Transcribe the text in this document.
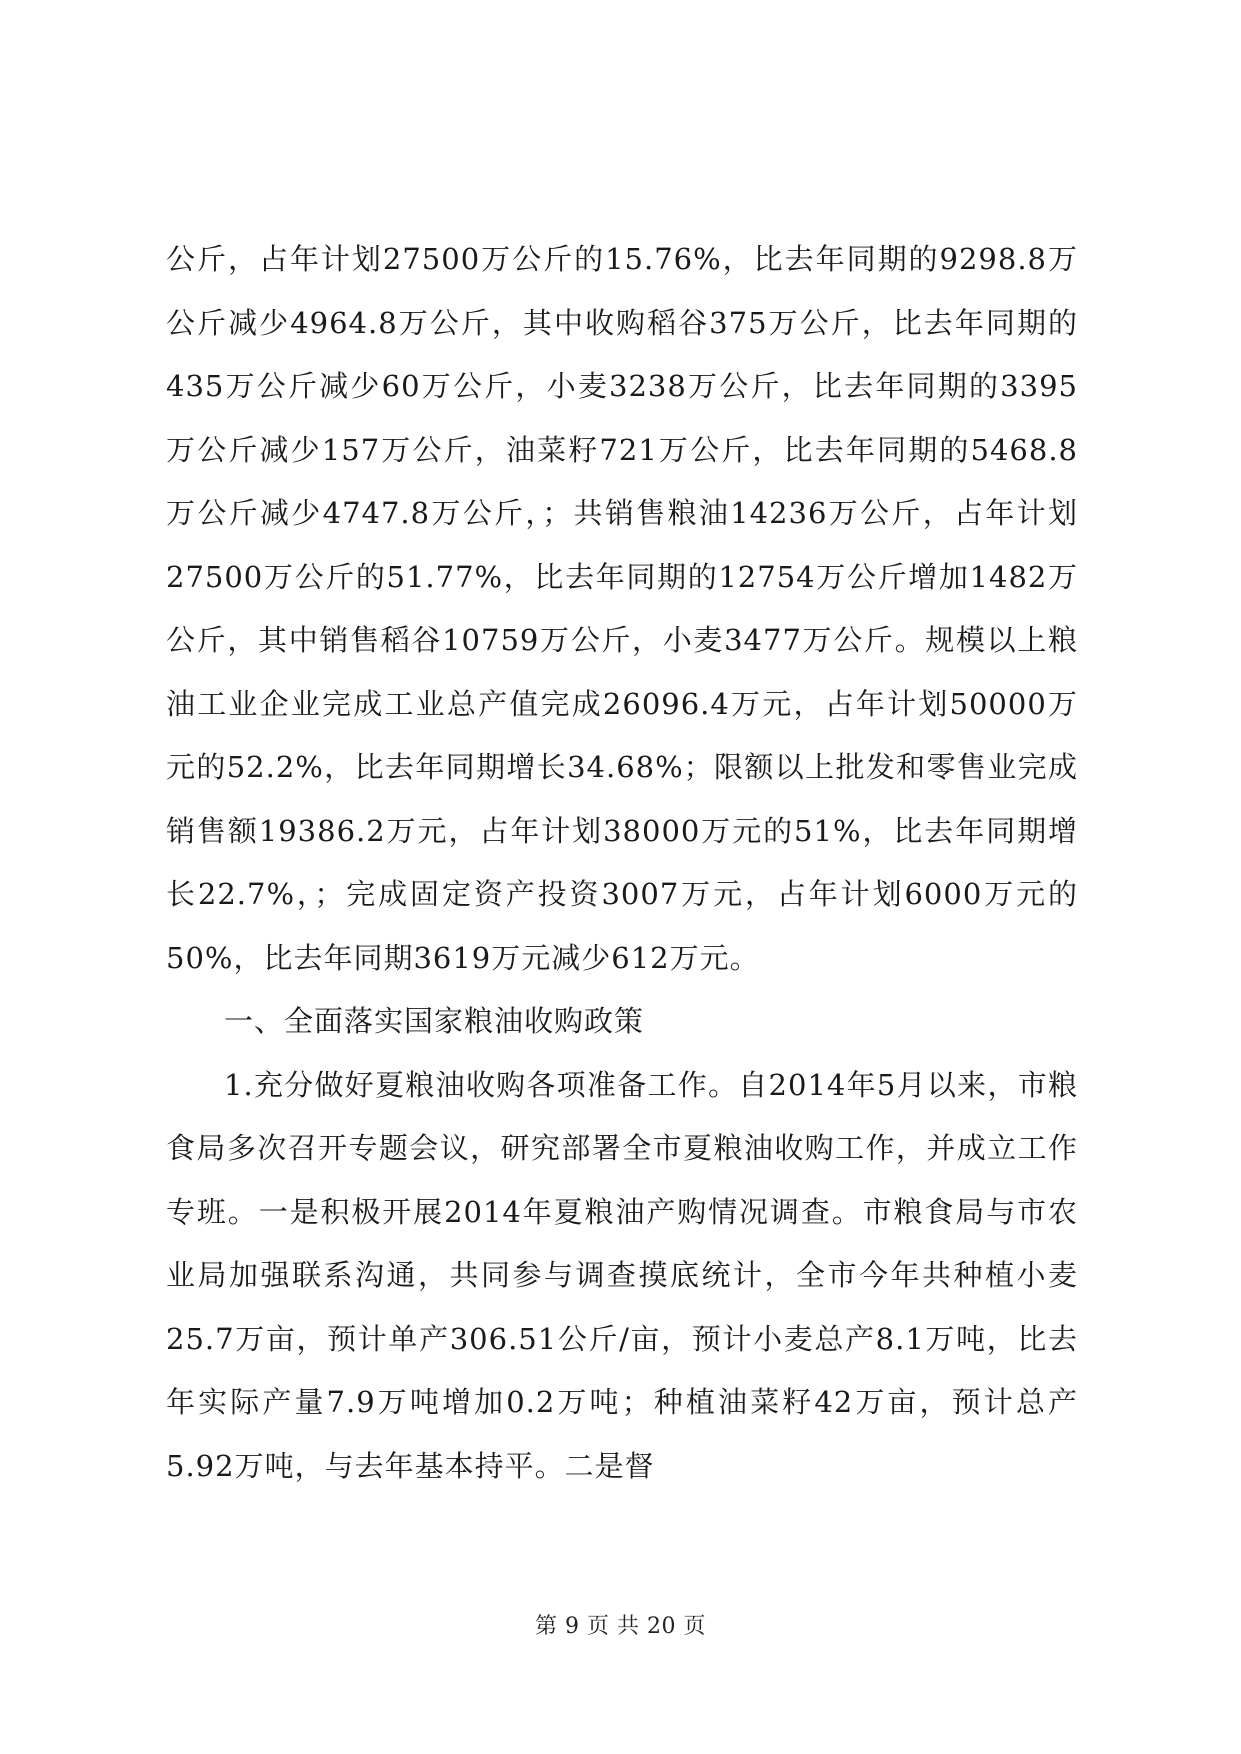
公斤，占年计划27500万公斤的15.76%，比去年同期的9298.8万公斤减少4964.8万公斤，其中收购稻谷375万公斤，比去年同期的435万公斤减少60万公斤，小麦3238万公斤，比去年同期的3395万公斤减少157万公斤，油菜籽721万公斤，比去年同期的5468.8万公斤减少4747.8万公斤，；共销售粮油14236万公斤，占年计划27500万公斤的51.77%，比去年同期的12754万公斤增加1482万公斤，其中销售稻谷10759万公斤，小麦3477万公斤。规模以上粮油工业企业完成工业总产值完成26096.4万元，占年计划50000万元的52.2%，比去年同期增长34.68%；限额以上批发和零售业完成销售额19386.2万元，占年计划38000万元的51%，比去年同期增长22.7%，；完成固定资产投资3007万元，占年计划6000万元的50%，比去年同期3619万元减少612万元。

一、全面落实国家粮油收购政策

1.充分做好夏粮油收购各项准备工作。自2014年5月以来，市粮食局多次召开专题会议，研究部署全市夏粮油收购工作，并成立工作专班。一是积极开展2014年夏粮油产购情况调查。市粮食局与市农业局加强联系沟通，共同参与调查摸底统计，全市今年共种植小麦25.7万亩，预计单产306.51公斤/亩，预计小麦总产8.1万吨，比去年实际产量7.9万吨增加0.2万吨；种植油菜籽42万亩，预计总产5.92万吨，与去年基本持平。二是督

第 9 页 共 20 页
